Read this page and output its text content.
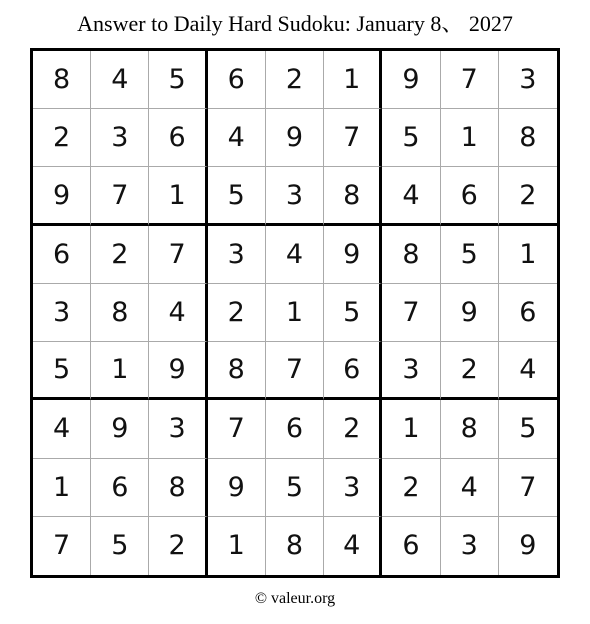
Answer to Daily Hard Sudoku: January 8、 2027
8	4	5	6	2	1	9	7	3
2	3	6	4	9	7	5	1	8
9	7	1	5	3	8	4	6	2
6	2	7	3	4	9	8	5	1
3	8	4	2	1	5	7	9	6
5	1	9	8	7	6	3	2	4
4	9	3	7	6	2	1	8	5
1	6	8	9	5	3	2	4	7
7	5	2	1	8	4	6	3	9
© valeur.org
